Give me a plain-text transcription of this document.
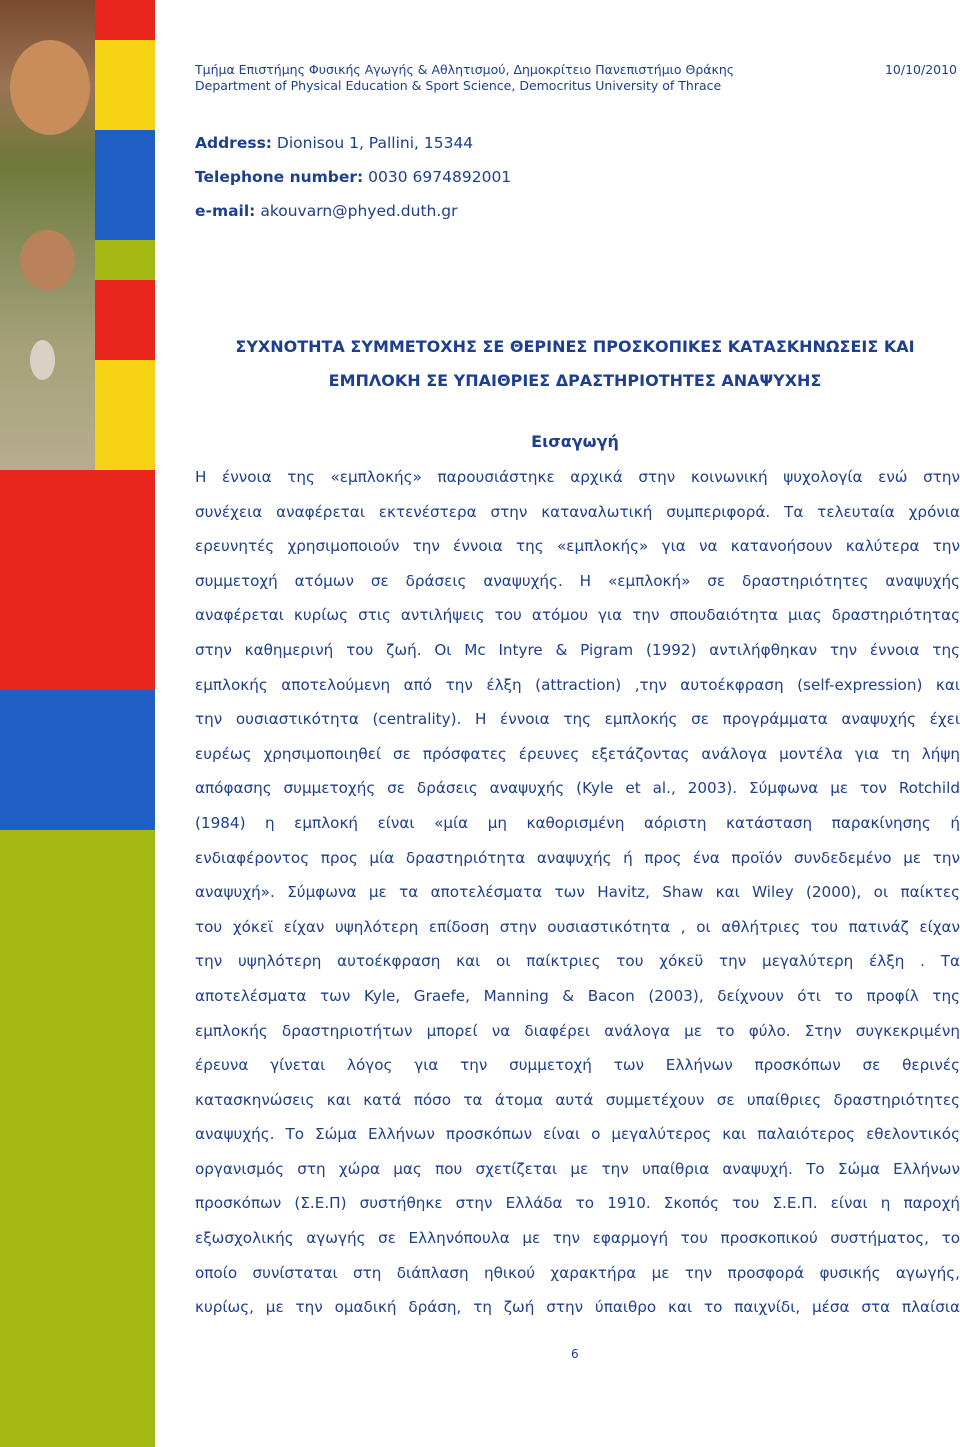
Τμήμα Επιστήμης Φυσικής Αγωγής & Αθλητισμού, Δημοκρίτειο Πανεπιστήμιο Θράκης
Department of Physical Education & Sport Science, Democritus University of Thrace
10/10/2010
Address: Dionisou 1, Pallini, 15344
Telephone number: 0030 6974892001
e-mail: akouvarn@phyed.duth.gr
ΣΥΧΝΟΤΗΤΑ ΣΥΜΜΕΤΟΧΗΣ ΣΕ ΘΕΡΙΝΕΣ ΠΡΟΣΚΟΠΙΚΕΣ ΚΑΤΑΣΚΗΝΩΣΕΙΣ ΚΑΙ
ΕΜΠΛΟΚΗ ΣΕ ΥΠΑΙΘΡΙΕΣ ΔΡΑΣΤΗΡΙΟΤΗΤΕΣ ΑΝΑΨΥΧΗΣ
Εισαγωγή
Η έννοια της «εμπλοκής» παρουσιάστηκε αρχικά στην κοινωνική ψυχολογία ενώ στην
συνέχεια αναφέρεται εκτενέστερα στην καταναλωτική συμπεριφορά. Τα τελευταία χρόνια
ερευνητές χρησιμοποιούν την έννοια της «εμπλοκής» για να κατανοήσουν καλύτερα την
συμμετοχή ατόμων σε δράσεις αναψυχής. Η «εμπλοκή» σε δραστηριότητες αναψυχής
αναφέρεται κυρίως στις αντιλήψεις του ατόμου για την σπουδαιότητα μιας δραστηριότητας
στην καθημερινή του ζωή. Οι Mc Intyre & Pigram (1992) αντιλήφθηκαν την έννοια της
εμπλοκής αποτελούμενη από την έλξη (attraction) ,την αυτοέκφραση (self-expression) και
την ουσιαστικότητα (centrality). Η έννοια της εμπλοκής σε προγράμματα αναψυχής έχει
ευρέως χρησιμοποιηθεί σε πρόσφατες έρευνες εξετάζοντας ανάλογα μοντέλα για τη λήψη
απόφασης συμμετοχής σε δράσεις αναψυχής (Kyle et al., 2003). Σύμφωνα με τον Rotchild
(1984) η εμπλοκή είναι «μία μη καθορισμένη αόριστη κατάσταση παρακίνησης ή
ενδιαφέροντος προς μία δραστηριότητα αναψυχής ή προς ένα προϊόν συνδεδεμένο με την
αναψυχή». Σύμφωνα με τα αποτελέσματα των Havitz, Shaw και Wiley (2000), οι παίκτες
του χόκεϊ είχαν υψηλότερη επίδοση στην ουσιαστικότητα , οι αθλήτριες του πατινάζ είχαν
την υψηλότερη αυτοέκφραση και οι παίκτριες του χόκεϋ την μεγαλύτερη έλξη . Τα
αποτελέσματα των Kyle, Graefe, Manning & Bacon (2003), δείχνουν ότι το προφίλ της
εμπλοκής δραστηριοτήτων μπορεί να διαφέρει ανάλογα με το φύλο. Στην συγκεκριμένη
έρευνα γίνεται λόγος για την συμμετοχή των Ελλήνων προσκόπων σε θερινές
κατασκηνώσεις και κατά πόσο τα άτομα αυτά συμμετέχουν σε υπαίθριες δραστηριότητες
αναψυχής. Το Σώμα Ελλήνων προσκόπων είναι ο μεγαλύτερος και παλαιότερος εθελοντικός
οργανισμός στη χώρα μας που σχετίζεται με την υπαίθρια αναψυχή. Το Σώμα Ελλήνων
προσκόπων (Σ.Ε.Π) συστήθηκε στην Ελλάδα το 1910. Σκοπός του Σ.Ε.Π. είναι η παροχή
εξωσχολικής αγωγής σε Ελληνόπουλα με την εφαρμογή του προσκοπικού συστήματος, το
οποίο συνίσταται στη διάπλαση ηθικού χαρακτήρα με την προσφορά φυσικής αγωγής,
κυρίως, με την ομαδική δράση, τη ζωή στην ύπαιθρο και το παιχνίδι, μέσα στα πλαίσια
6
